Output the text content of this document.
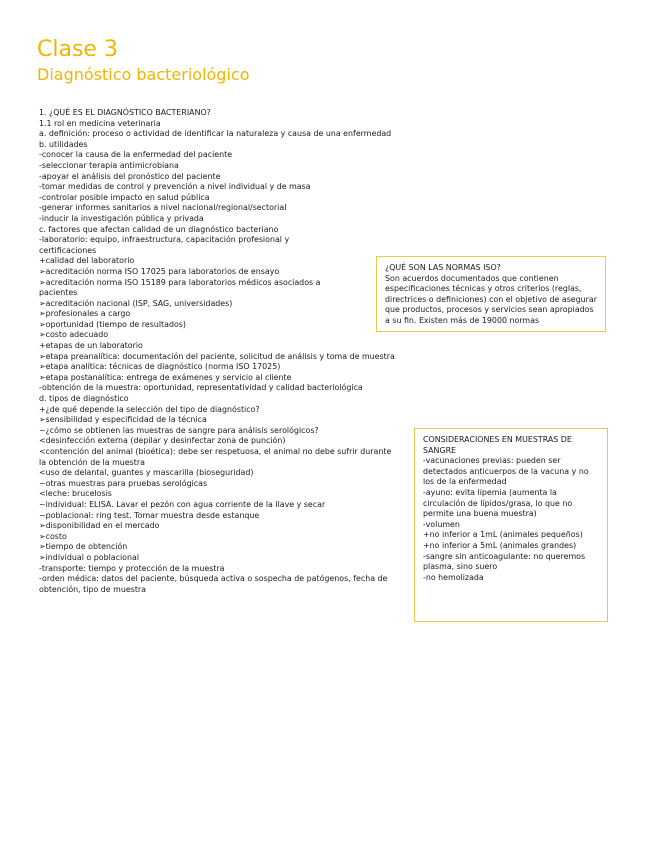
Clase 3
Diagnóstico bacteriológico
1. ¿QUÉ ES EL DIAGNÓSTICO BACTERIANO?
1.1 rol en medicina veterinaria
a. definición: proceso o actividad de identificar la naturaleza y causa de una enfermedad
b. utilidades
-conocer la causa de la enfermedad del paciente
-seleccionar terapia antimicrobiana
-apoyar el análisis del pronóstico del paciente
-tomar medidas de control y prevención a nivel individual y de masa
-controlar posible impacto en salud pública
-generar informes sanitarios a nivel nacional/regional/sectorial
-inducir la investigación pública y privada
c. factores que afectan calidad de un diagnóstico bacteriano
-laboratorio: equipo, infraestructura, capacitación profesional y certificaciones
+calidad del laboratorio
➢acreditación norma ISO 17025 para laboratorios de ensayo
➢acreditación norma ISO 15189 para laboratorios médicos asociados a pacientes
➢acreditación nacional (ISP, SAG, universidades)
➢profesionales a cargo
➢oportunidad (tiempo de resultados)
➢costo adecuado
+etapas de un laboratorio
➢etapa preanalítica: documentación del paciente, solicitud de análisis y toma de muestra
➢etapa analítica: técnicas de diagnóstico (norma ISO 17025)
➢etapa postanalítica: entrega de exámenes y servicio al cliente
-obtención de la muestra: oportunidad, representatividad y calidad bacteriológica
d. tipos de diagnóstico
+¿de qué depende la selección del tipo de diagnóstico?
➢sensibilidad y especificidad de la técnica
~¿cómo se obtienen las muestras de sangre para análisis serológicos?
<desinfección externa (depilar y desinfectar zona de punción)
<contención del animal (bioética): debe ser respetuosa, el animal no debe sufrir durante la obtención de la muestra
<uso de delantal, guantes y mascarilla (bioseguridad)
~otras muestras para pruebas serológicas
<leche: brucelosis
~individual: ELISA. Lavar el pezón con agua corriente de la llave y secar
~poblacional: ring test. Tomar muestra desde estanque
➢disponibilidad en el mercado
➢costo
➢tiempo de obtención
➢individual o poblacional
-transporte: tiempo y protección de la muestra
-orden médica: datos del paciente, búsqueda activa o sospecha de patógenos, fecha de obtención, tipo de muestra
¿QUÉ SON LAS NORMAS ISO?
Son acuerdos documentados que contienen especificaciones técnicas y otros criterios (reglas, directrices o definiciones) con el objetivo de asegurar que productos, procesos y servicios sean apropiados a su fin. Existen más de 19000 normas
CONSIDERACIONES EN MUESTRAS DE SANGRE
-vacunaciones previas: pueden ser detectados anticuerpos de la vacuna y no los de la enfermedad
-ayuno: evita lipemia (aumenta la circulación de lípidos/grasa, lo que no permite una buena muestra)
-volumen
+no inferior a 1mL (animales pequeños)
+no inferior a 5mL (animales grandes)
-sangre sin anticoagulante: no queremos plasma, sino suero
-no hemolizada
